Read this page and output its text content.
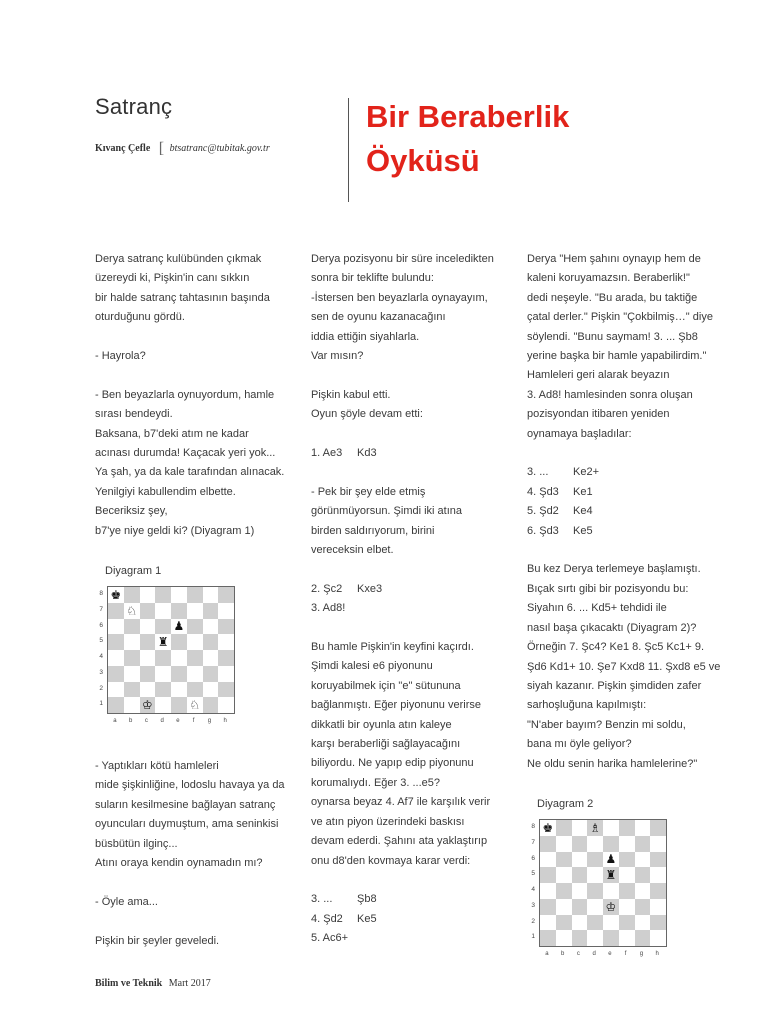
Satranç
Kıvanç Çefle [ btsatranc@tubitak.gov.tr
Bir Beraberlik
Öyküsü

Derya satranç kulübünden çıkmak

üzereydi ki, Pişkin'in canı sıkkın

bir halde satranç tahtasının başında

oturduğunu gördü.

- Hayrola?

- Ben beyazlarla oynuyordum, hamle

sırası bendeydi.

Baksana, b7'deki atım ne kadar

acınası durumda! Kaçacak yeri yok...

Ya şah, ya da kale tarafından alınacak.

Yenilgiyi kabullendim elbette.

Beceriksiz şey,

b7'ye niye geldi ki? (Diyagram 1)

- Yaptıkları kötü hamleleri

mide şişkinliğine, lodoslu havaya ya da

suların kesilmesine bağlayan satranç

oyuncuları duymuştum, ama seninkisi

büsbütün ilginç...

Atını oraya kendin oynamadın mı?

- Öyle ama...

Pişkin bir şeyler geveledi.

Diyagram 1
8
7
6
5
4
3
2
1
♚
♘
♟
♜
♔	♘
a	b	c	d	e	f	g	h

Derya pozisyonu bir süre inceledikten

sonra bir teklifte bulundu:

-İstersen ben beyazlarla oynayayım,

sen de oyunu kazanacağını

iddia ettiğin siyahlarla.

Var mısın?

Pişkin kabul etti.

Oyun şöyle devam etti:

1. Ae3	Kd3

- Pek bir şey elde etmiş

görünmüyorsun. Şimdi iki atına

birden saldırıyorum, birini

vereceksin elbet.

2. Şc2	Kxe3
3. Ad8!

Bu hamle Pişkin'in keyfini kaçırdı.

Şimdi kalesi e6 piyonunu

koruyabilmek için "e" sütununa

bağlanmıştı. Eğer piyonunu verirse

dikkatli bir oyunla atın kaleye

karşı beraberliği sağlayacağını

biliyordu. Ne yapıp edip piyonunu

korumalıydı. Eğer 3. ...e5?

oynarsa beyaz 4. Af7 ile karşılık verir

ve atın piyon üzerindeki baskısı

devam ederdi. Şahını ata yaklaştırıp

onu d8'den kovmaya karar verdi:

3. ...	Şb8
4. Şd2	Ke5
5. Ac6+

Derya "Hem şahını oynayıp hem de

kaleni koruyamazsın. Beraberlik!"

dedi neşeyle. "Bu arada, bu taktiğe

çatal derler." Pişkin "Çokbilmiş…" diye

söylendi. "Bunu saymam! 3. ... Şb8

yerine başka bir hamle yapabilirdim."

Hamleleri geri alarak beyazın

3. Ad8! hamlesinden sonra oluşan

pozisyondan itibaren yeniden

oynamaya başladılar:

3. ...	Ke2+
4. Şd3	Ke1
5. Şd2	Ke4
6. Şd3	Ke5

Bu kez Derya terlemeye başlamıştı.

Bıçak sırtı gibi bir pozisyondu bu:

Siyahın 6. ... Kd5+ tehdidi ile

nasıl başa çıkacaktı (Diyagram 2)?

Örneğin 7. Şc4? Ke1 8. Şc5 Kc1+ 9.

Şd6 Kd1+ 10. Şe7 Kxd8 11. Şxd8 e5 ve

siyah kazanır. Pişkin şimdiden zafer

sarhoşluğuna kapılmıştı:

"N'aber bayım? Benzin mi soldu,

bana mı öyle geliyor?

Ne oldu senin harika hamlelerine?"

Diyagram 2
8
7
6
5
4
3
2
1
♚	♗
♟
♜
♔
a	b	c	d	e	f	g	h
Bilim ve Teknik Mart 2017
